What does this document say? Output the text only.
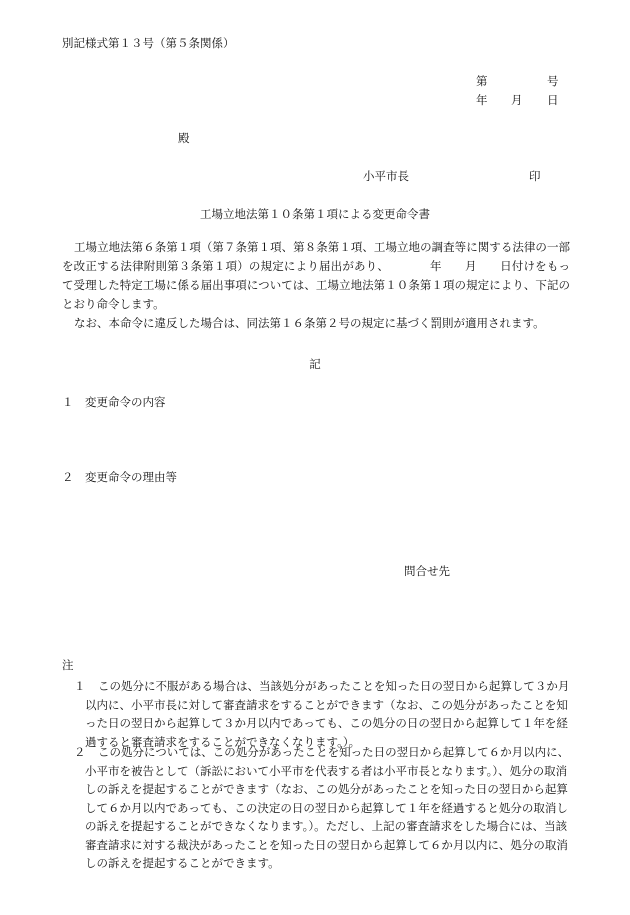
別記様式第１３号（第５条関係）
第	号
年 月 日
殿
小平市長	印
工場立地法第１０条第１項による変更命令書
工場立地法第６条第１項（第７条第１項、第８条第１項、工場立地の調査等に関する法律の一部を改正する法律附則第３条第１項）の規定により届出があり、　　　　年　　月　　日付けをもって受理した特定工場に係る届出事項については、工場立地法第１０条第１項の規定により、下記のとおり命令します。
なお、本命令に違反した場合は、同法第１６条第２号の規定に基づく罰則が適用されます。
記
１ 変更命令の内容
２ 変更命令の理由等
問合せ先
注
１	この処分に不服がある場合は、当該処分があったことを知った日の翌日から起算して３か月以内に、小平市長に対して審査請求をすることができます（なお、この処分があったことを知った日の翌日から起算して３か月以内であっても、この処分の日の翌日から起算して１年を経過すると審査請求をすることができなくなります。）。
２	この処分については、この処分があったことを知った日の翌日から起算して６か月以内に、小平市を被告として（訴訟において小平市を代表する者は小平市長となります。）、処分の取消しの訴えを提起することができます（なお、この処分があったことを知った日の翌日から起算して６か月以内であっても、この決定の日の翌日から起算して１年を経過すると処分の取消しの訴えを提起することができなくなります。）。ただし、上記の審査請求をした場合には、当該審査請求に対する裁決があったことを知った日の翌日から起算して６か月以内に、処分の取消しの訴えを提起することができます。
